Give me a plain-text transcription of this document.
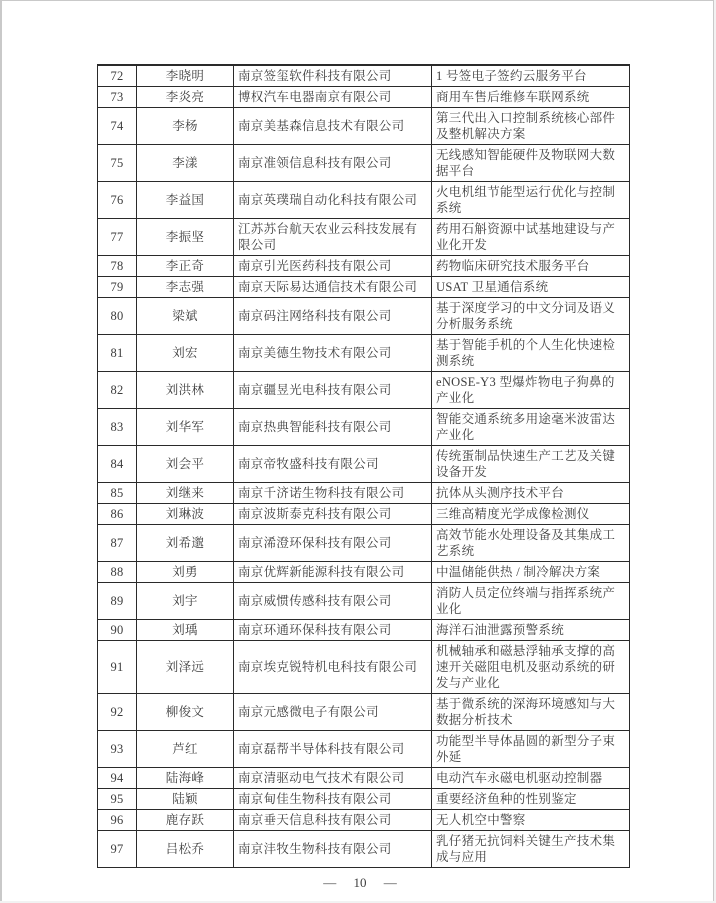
72	李晓明	南京签玺软件科技有限公司	1 号签电子签约云服务平台
73	李炎亮	博权汽车电器南京有限公司	商用车售后维修车联网系统
74	李杨	南京美基森信息技术有限公司	第三代出入口控制系统核心部件及整机解决方案
75	李漾	南京准领信息科技有限公司	无线感知智能硬件及物联网大数据平台
76	李益国	南京英璞瑞自动化科技有限公司	火电机组节能型运行优化与控制系统
77	李振坚	江苏苏台航天农业云科技发展有限公司	药用石斛资源中试基地建设与产业化开发
78	李正奇	南京引光医药科技有限公司	药物临床研究技术服务平台
79	李志强	南京天际易达通信技术有限公司	USAT 卫星通信系统
80	梁斌	南京码注网络科技有限公司	基于深度学习的中文分词及语义分析服务系统
81	刘宏	南京美德生物技术有限公司	基于智能手机的个人生化快速检测系统
82	刘洪林	南京疆昱光电科技有限公司	eNOSE-Y3 型爆炸物电子狗鼻的产业化
83	刘华军	南京热典智能科技有限公司	智能交通系统多用途毫米波雷达产业化
84	刘会平	南京帝牧盛科技有限公司	传统蛋制品快速生产工艺及关键设备开发
85	刘继来	南京千济诺生物科技有限公司	抗体从头测序技术平台
86	刘琳波	南京波斯泰克科技有限公司	三维高精度光学成像检测仪
87	刘希邈	南京浠澄环保科技有限公司	高效节能水处理设备及其集成工艺系统
88	刘勇	南京优辉新能源科技有限公司	中温储能供热 / 制冷解决方案
89	刘宇	南京威惯传感科技有限公司	消防人员定位终端与指挥系统产业化
90	刘瑀	南京环通环保科技有限公司	海洋石油泄露预警系统
91	刘泽远	南京埃克锐特机电科技有限公司	机械轴承和磁悬浮轴承支撑的高速开关磁阻电机及驱动系统的研发与产业化
92	柳俊文	南京元感微电子有限公司	基于微系统的深海环境感知与大数据分析技术
93	芦红	南京磊帮半导体科技有限公司	功能型半导体晶圆的新型分子束外延
94	陆海峰	南京清驱动电气技术有限公司	电动汽车永磁电机驱动控制器
95	陆颖	南京甸佳生物科技有限公司	重要经济鱼种的性别鉴定
96	鹿存跃	南京垂天信息科技有限公司	无人机空中警察
97	吕松乔	南京沣牧生物科技有限公司	乳仔猪无抗饲料关键生产技术集成与应用
— 10 —
